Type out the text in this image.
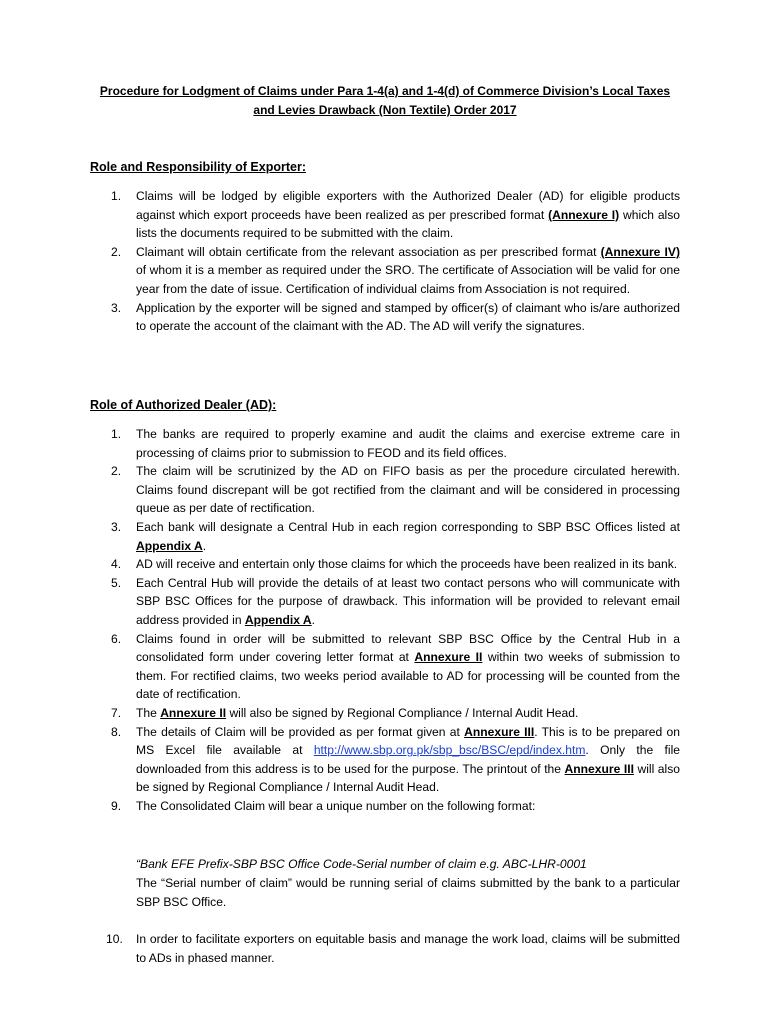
Procedure for Lodgment of Claims under Para 1-4(a) and 1-4(d) of Commerce Division’s Local Taxes and Levies Drawback (Non Textile) Order 2017
Role and Responsibility of Exporter:
1. Claims will be lodged by eligible exporters with the Authorized Dealer (AD) for eligible products against which export proceeds have been realized as per prescribed format (Annexure I) which also lists the documents required to be submitted with the claim.
2. Claimant will obtain certificate from the relevant association as per prescribed format (Annexure IV) of whom it is a member as required under the SRO. The certificate of Association will be valid for one year from the date of issue. Certification of individual claims from Association is not required.
3. Application by the exporter will be signed and stamped by officer(s) of claimant who is/are authorized to operate the account of the claimant with the AD. The AD will verify the signatures.
Role of Authorized Dealer (AD):
1. The banks are required to properly examine and audit the claims and exercise extreme care in processing of claims prior to submission to FEOD and its field offices.
2. The claim will be scrutinized by the AD on FIFO basis as per the procedure circulated herewith. Claims found discrepant will be got rectified from the claimant and will be considered in processing queue as per date of rectification.
3. Each bank will designate a Central Hub in each region corresponding to SBP BSC Offices listed at Appendix A.
4. AD will receive and entertain only those claims for which the proceeds have been realized in its bank.
5. Each Central Hub will provide the details of at least two contact persons who will communicate with SBP BSC Offices for the purpose of drawback. This information will be provided to relevant email address provided in Appendix A.
6. Claims found in order will be submitted to relevant SBP BSC Office by the Central Hub in a consolidated form under covering letter format at Annexure II within two weeks of submission to them. For rectified claims, two weeks period available to AD for processing will be counted from the date of rectification.
7. The Annexure II will also be signed by Regional Compliance / Internal Audit Head.
8. The details of Claim will be provided as per format given at Annexure III. This is to be prepared on MS Excel file available at http://www.sbp.org.pk/sbp_bsc/BSC/epd/index.htm. Only the file downloaded from this address is to be used for the purpose. The printout of the Annexure III will also be signed by Regional Compliance / Internal Audit Head.
9. The Consolidated Claim will bear a unique number on the following format:
“Bank EFE Prefix-SBP BSC Office Code-Serial number of claim e.g. ABC-LHR-0001
The “Serial number of claim” would be running serial of claims submitted by the bank to a particular SBP BSC Office.
10. In order to facilitate exporters on equitable basis and manage the work load, claims will be submitted to ADs in phased manner.
